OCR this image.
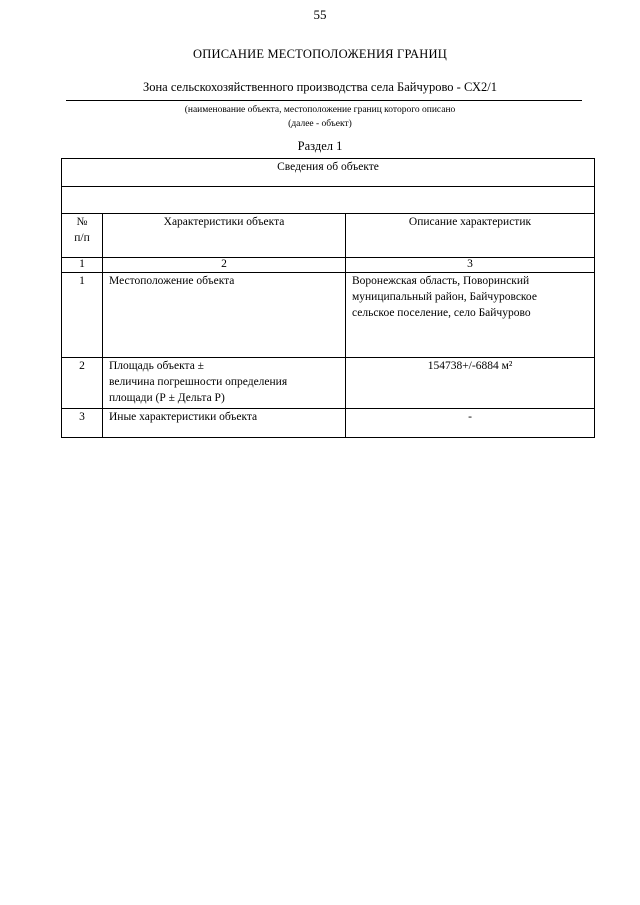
55
ОПИСАНИЕ МЕСТОПОЛОЖЕНИЯ ГРАНИЦ
Зона сельскохозяйственного производства села Байчурово - СХ2/1
(наименование объекта, местоположение границ которого описано
(далее - объект)
Раздел 1
Сведения об объекте		

№
п/п	Характеристики объекта	Описание характеристик
1	2	3
1	Местоположение объекта	Воронежская область, Поворинский
муниципальный район, Байчуровское
сельское поселение, село Байчурово

2	Площадь объекта ±
величина погрешности определения
площади (Р ± Дельта Р)	154738+/-6884 м²
3	Иные характеристики объекта	-
